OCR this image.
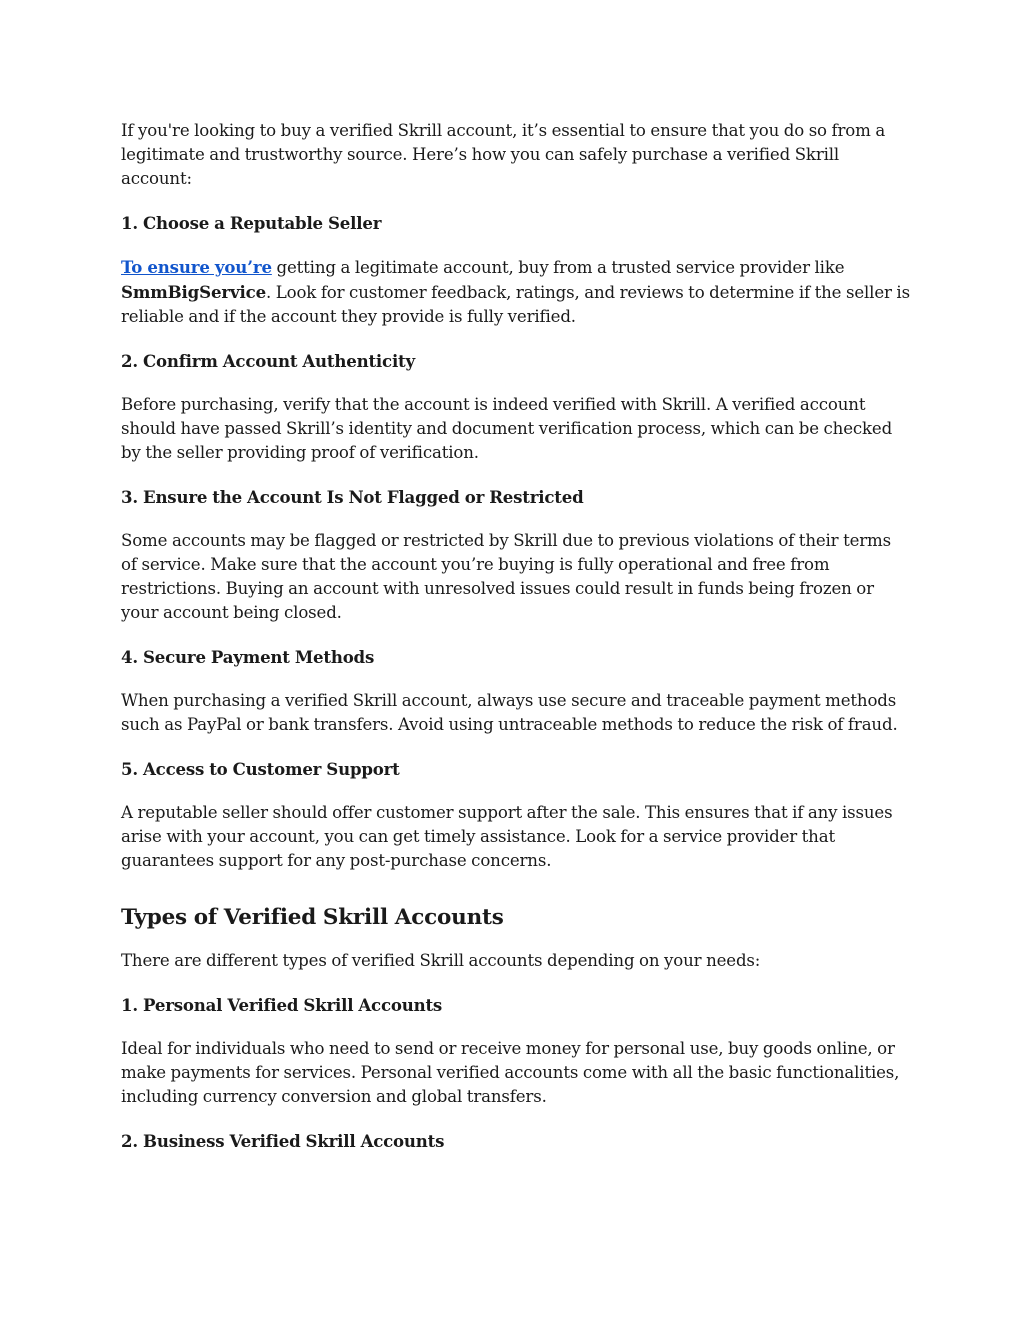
If you're looking to buy a verified Skrill account, it’s essential to ensure that you do so from a legitimate and trustworthy source. Here’s how you can safely purchase a verified Skrill account:

1. Choose a Reputable Seller

To ensure you’re getting a legitimate account, buy from a trusted service provider like SmmBigService. Look for customer feedback, ratings, and reviews to determine if the seller is reliable and if the account they provide is fully verified.

2. Confirm Account Authenticity

Before purchasing, verify that the account is indeed verified with Skrill. A verified account should have passed Skrill’s identity and document verification process, which can be checked by the seller providing proof of verification.

3. Ensure the Account Is Not Flagged or Restricted

Some accounts may be flagged or restricted by Skrill due to previous violations of their terms of service. Make sure that the account you’re buying is fully operational and free from restrictions. Buying an account with unresolved issues could result in funds being frozen or your account being closed.

4. Secure Payment Methods

When purchasing a verified Skrill account, always use secure and traceable payment methods such as PayPal or bank transfers. Avoid using untraceable methods to reduce the risk of fraud.

5. Access to Customer Support

A reputable seller should offer customer support after the sale. This ensures that if any issues arise with your account, you can get timely assistance. Look for a service provider that guarantees support for any post-purchase concerns.

Types of Verified Skrill Accounts

There are different types of verified Skrill accounts depending on your needs:

1. Personal Verified Skrill Accounts

Ideal for individuals who need to send or receive money for personal use, buy goods online, or make payments for services. Personal verified accounts come with all the basic functionalities, including currency conversion and global transfers.

2. Business Verified Skrill Accounts
